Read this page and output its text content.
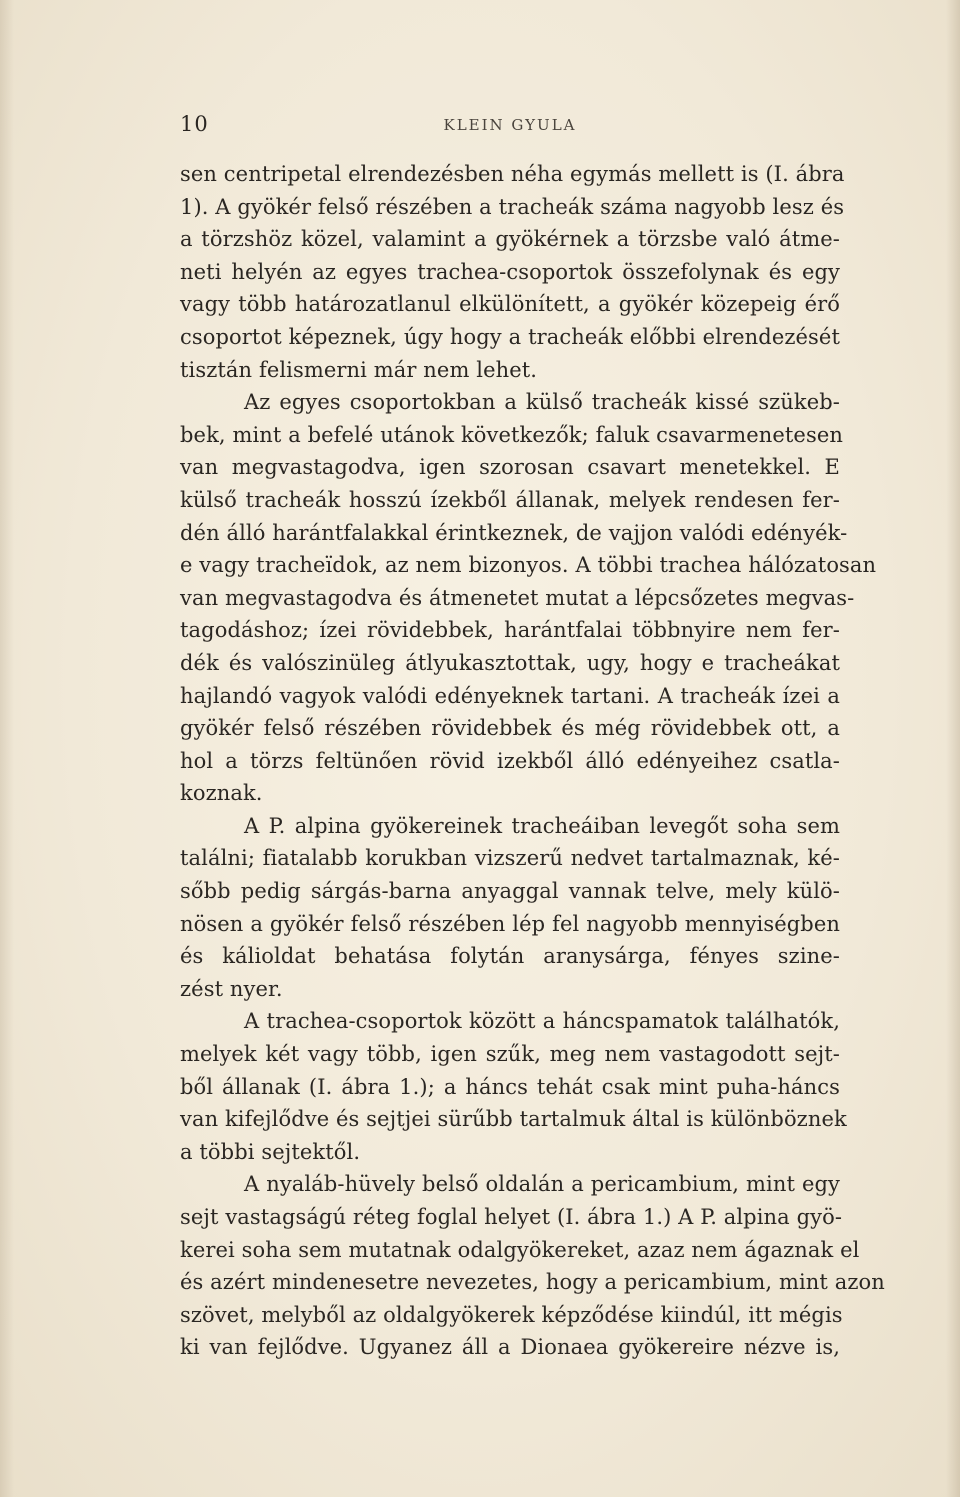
10	KLEIN GYULA
sen centripetal elrendezésben néha egymás mellett is (I. ábra
1). A gyökér felső részében a tracheák száma nagyobb lesz és
a törzshöz közel, valamint a gyökérnek a törzsbe való átme-
neti helyén az egyes trachea-csoportok összefolynak és egy
vagy több határozatlanul elkülönített, a gyökér közepeig érő
csoportot képeznek, úgy hogy a tracheák előbbi elrendezését
tisztán felismerni már nem lehet.
Az egyes csoportokban a külső tracheák kissé szükeb-
bek, mint a befelé utánok következők; faluk csavarmenetesen
van megvastagodva, igen szorosan csavart menetekkel. E
külső tracheák hosszú ízekből állanak, melyek rendesen fer-
dén álló harántfalakkal érintkeznek, de vajjon valódi edényék-
e vagy tracheïdok, az nem bizonyos. A többi trachea hálózatosan
van megvastagodva és átmenetet mutat a lépcsőzetes megvas-
tagodáshoz; ízei rövidebbek, harántfalai többnyire nem fer-
dék és valószinüleg átlyukasztottak, ugy, hogy e tracheákat
hajlandó vagyok valódi edényeknek tartani. A tracheák ízei a
gyökér felső részében rövidebbek és még rövidebbek ott, a
hol a törzs feltünően rövid izekből álló edényeihez csatla-
koznak.
A P. alpina gyökereinek tracheáiban levegőt soha sem
találni; fiatalabb korukban vizszerű nedvet tartalmaznak, ké-
sőbb pedig sárgás-barna anyaggal vannak telve, mely külö-
nösen a gyökér felső részében lép fel nagyobb mennyiségben
és kálioldat behatása folytán aranysárga, fényes szine-
zést nyer.
A trachea-csoportok között a háncspamatok találhatók,
melyek két vagy több, igen szűk, meg nem vastagodott sejt-
ből állanak (I. ábra 1.); a háncs tehát csak mint puha-háncs
van kifejlődve és sejtjei sürűbb tartalmuk által is különböznek
a többi sejtektől.
A nyaláb-hüvely belső oldalán a pericambium, mint egy
sejt vastagságú réteg foglal helyet (I. ábra 1.) A P. alpina gyö-
kerei soha sem mutatnak odalgyökereket, azaz nem ágaznak el
és azért mindenesetre nevezetes, hogy a pericambium, mint azon
szövet, melyből az oldalgyökerek képződése kiindúl, itt mégis
ki van fejlődve. Ugyanez áll a Dionaea gyökereire nézve is,
